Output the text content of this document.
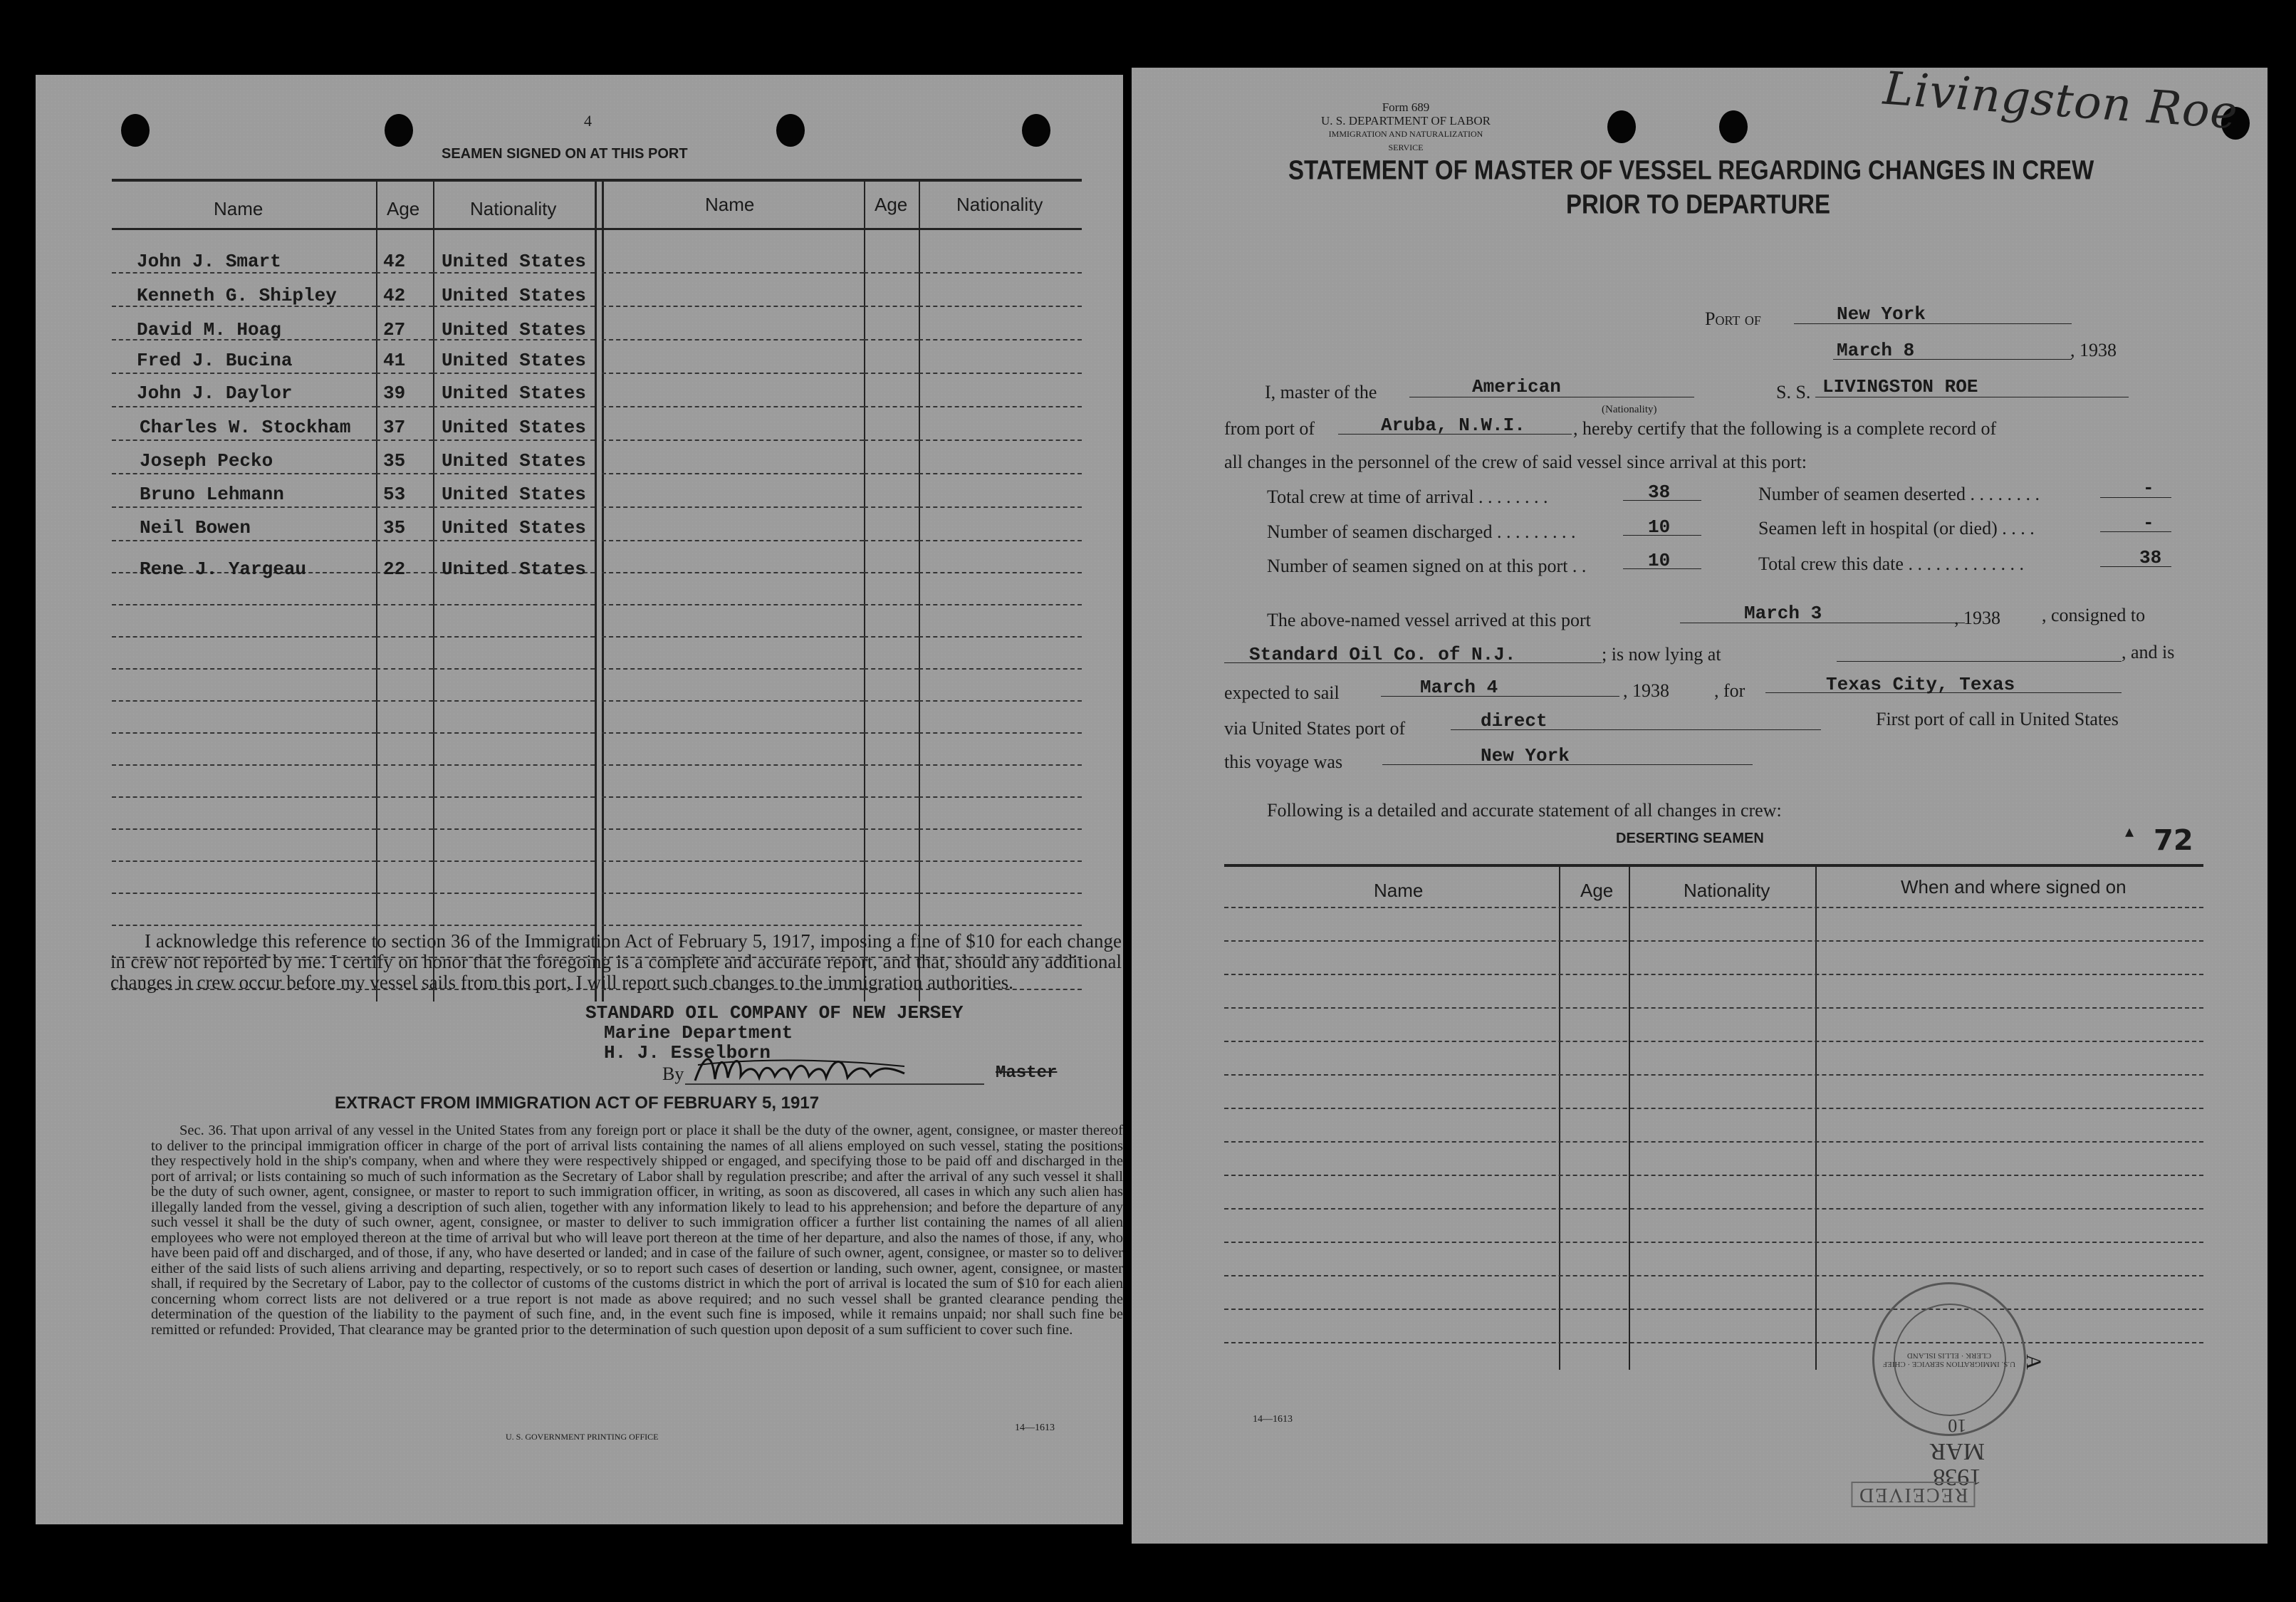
4
SEAMEN SIGNED ON AT THIS PORT
Name	Age	Nationality	Name	Age	Nationality
John J. Smart	42 United States
Kenneth G. Shipley	42 United States
David M. Hoag	27 United States
Fred J. Bucina	41 United States
John J. Daylor	39 United States
Charles W. Stockham 37 United States
Joseph Pecko	35 United States
Bruno Lehmann	53 United States
Neil Bowen	35 United States
Rene J. Yargeau	22 United States
I acknowledge this reference to section 36 of the Immigration Act of February 5, 1917, imposing a fine of $10 for each change in crew not reported by me. I certify on honor that the foregoing is a complete and accurate report, and that, should any additional changes in crew occur before my vessel sails from this port, I will report such changes to the immigration authorities.
STANDARD OIL COMPANY OF NEW JERSEY
Marine Department
H. J. Esselborn
By	Master
EXTRACT FROM IMMIGRATION ACT OF FEBRUARY 5, 1917
Sec. 36. That upon arrival of any vessel in the United States from any foreign port or place it shall be the duty of the owner, agent, consignee, or master thereof to deliver to the principal immigration officer in charge of the port of arrival lists containing the names of all aliens employed on such vessel, stating the positions they respectively hold in the ship's company, when and where they were respectively shipped or engaged, and specifying those to be paid off and discharged in the port of arrival; or lists containing so much of such information as the Secretary of Labor shall by regulation prescribe; and after the arrival of any such vessel it shall be the duty of such owner, agent, consignee, or master to report to such immigration officer, in writing, as soon as discovered, all cases in which any such alien has illegally landed from the vessel, giving a description of such alien, together with any information likely to lead to his apprehension; and before the departure of any such vessel it shall be the duty of such owner, agent, consignee, or master to deliver to such immigration officer a further list containing the names of all alien employees who were not employed thereon at the time of arrival but who will leave port thereon at the time of her departure, and also the names of those, if any, who have been paid off and discharged, and of those, if any, who have deserted or landed; and in case of the failure of such owner, agent, consignee, or master so to deliver either of the said lists of such aliens arriving and departing, respectively, or so to report such cases of desertion or landing, such owner, agent, consignee, or master shall, if required by the Secretary of Labor, pay to the collector of customs of the customs district in which the port of arrival is located the sum of $10 for each alien concerning whom correct lists are not delivered or a true report is not made as above required; and no such vessel shall be granted clearance pending the determination of the question of the liability to the payment of such fine, and, in the event such fine is imposed, while it remains unpaid; nor shall such fine be remitted or refunded: Provided, That clearance may be granted prior to the determination of such question upon deposit of a sum sufficient to cover such fine.
U. S. GOVERNMENT PRINTING OFFICE
14—1613
Form 689
U. S. DEPARTMENT OF LABOR
IMMIGRATION AND NATURALIZATION SERVICE
Livingston Roe
STATEMENT OF MASTER OF VESSEL REGARDING CHANGES IN CREW
PRIOR TO DEPARTURE
Port of	New York
March 8	, 1938
I, master of the	American
(Nationality)
S. S. LIVINGSTON ROE
from port of	Aruba, N.W.I.	, hereby certify that the following is a complete record of
all changes in the personnel of the crew of said vessel since arrival at this port:
Total crew at time of arrival . . . . . . . .	38
Number of seamen discharged . . . . . . . . .	10
Number of seamen signed on at this port . .	10
Number of seamen deserted . . . . . . . .	-
Seamen left in hospital (or died) . . . .	-
Total crew this date . . . . . . . . . . . . .	38
The above-named vessel arrived at this port	March 3	, 1938 , consigned to
Standard Oil Co. of N.J.	; is now lying at	, and is
expected to sail	March 4	, 1938 , for	Texas City, Texas
via United States port of	direct	First port of call in United States
this voyage was	New York
Following is a detailed and accurate statement of all changes in crew:
DESERTING SEAMEN	▴ 72
Name	Age	Nationality	When and where signed on
14—1613
1938
MAR
10
U.S. IMMIGRATION SERVICE · CHIEF CLERK · ELLIS ISLAND	A
RECEIVED
